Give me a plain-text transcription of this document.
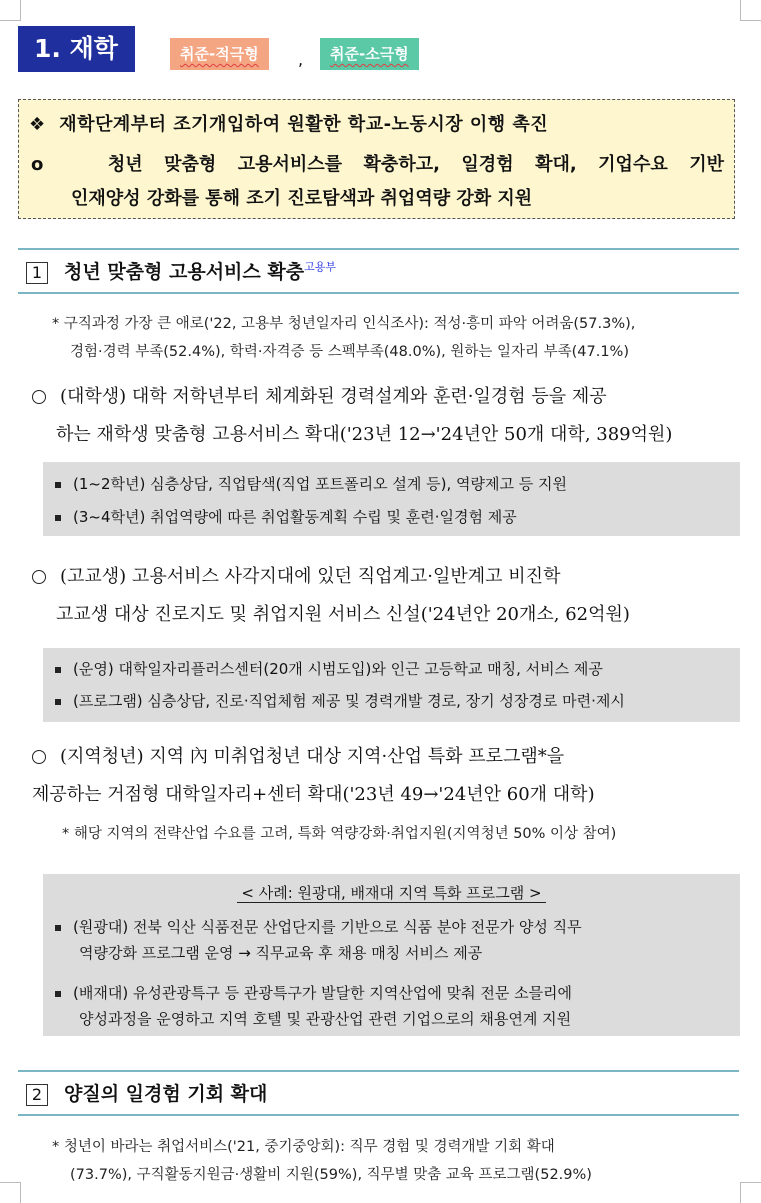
1. 재학	취준-적극형	,	취준-소극형
❖ 재학단계부터 조기개입하여 원활한 학교-노동시장 이행 촉진
o	청년 맞춤형 고용서비스를 확충하고, 일경험 확대, 기업수요 기반
인재양성 강화를 통해 조기 진로탐색과 취업역량 강화 지원
1 청년 맞춤형 고용서비스 확충$^{고용부}$
* 구직과정 가장 큰 애로('22, 고용부 청년일자리 인식조사): 적성·흥미 파악 어려움(57.3%),
경험·경력 부족(52.4%), 학력·자격증 등 스펙부족(48.0%), 원하는 일자리 부족(47.1%)
(대학생) 대학 저학년부터 체계화된 경력설계와 훈련·일경험 등을 제공
하는 재학생 맞춤형 고용서비스 확대('23년 12→'24년안 50개 대학, 389억원)
(1~2학년) 심층상담, 직업탐색(직업 포트폴리오 설계 등), 역량제고 등 지원
(3~4학년) 취업역량에 따른 취업활동계획 수립 및 훈련·일경험 제공
(고교생) 고용서비스 사각지대에 있던 직업계고·일반계고 비진학
고교생 대상 진로지도 및 취업지원 서비스 신설('24년안 20개소, 62억원)
(운영) 대학일자리플러스센터(20개 시범도입)와 인근 고등학교 매칭, 서비스 제공
(프로그램) 심층상담, 진로·직업체험 제공 및 경력개발 경로, 장기 성장경로 마련·제시
(지역청년) 지역 內 미취업청년 대상 지역·산업 특화 프로그램*을
제공하는 거점형 대학일자리+센터 확대('23년 49→'24년안 60개 대학)
* 해당 지역의 전략산업 수요를 고려, 특화 역량강화·취업지원(지역청년 50% 이상 참여)
< 사례: 원광대, 배재대 지역 특화 프로그램 >
(원광대) 전북 익산 식품전문 산업단지를 기반으로 식품 분야 전문가 양성 직무
역량강화 프로그램 운영 → 직무교육 후 채용 매칭 서비스 제공
(배재대) 유성관광특구 등 관광특구가 발달한 지역산업에 맞춰 전문 소믈리에
양성과정을 운영하고 지역 호텔 및 관광산업 관련 기업으로의 채용연계 지원
2 양질의 일경험 기회 확대
* 청년이 바라는 취업서비스('21, 중기중앙회): 직무 경험 및 경력개발 기회 확대
(73.7%), 구직활동지원금·생활비 지원(59%), 직무별 맞춤 교육 프로그램(52.9%)
